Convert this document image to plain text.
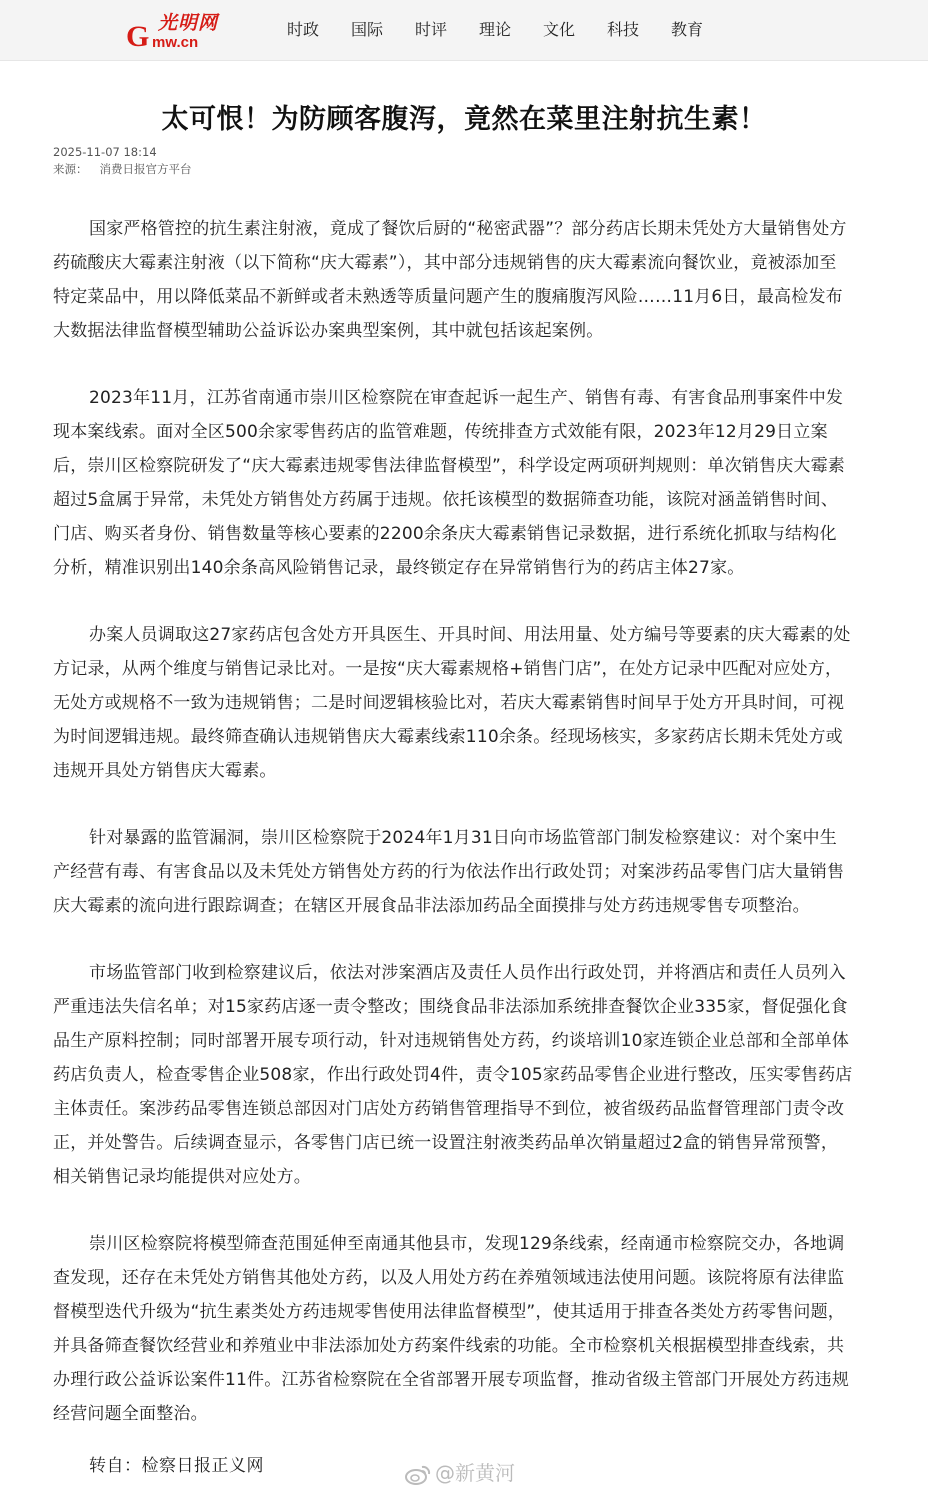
光明网
G mw.cn
时政 国际 时评 理论 文化 科技 教育
太可恨！为防顾客腹泻，竟然在菜里注射抗生素！
2025-11-07 18:14
来源： 消费日报官方平台

国家严格管控的抗生素注射液，竟成了餐饮后厨的“秘密武器”？部分药店长期未凭处方大量销售处方药硫酸庆大霉素注射液（以下简称“庆大霉素”），其中部分违规销售的庆大霉素流向餐饮业，竟被添加至特定菜品中，用以降低菜品不新鲜或者未熟透等质量问题产生的腹痛腹泻风险……11月6日，最高检发布大数据法律监督模型辅助公益诉讼办案典型案例，其中就包括该起案例。

2023年11月，江苏省南通市崇川区检察院在审查起诉一起生产、销售有毒、有害食品刑事案件中发现本案线索。面对全区500余家零售药店的监管难题，传统排查方式效能有限，2023年12月29日立案后，崇川区检察院研发了“庆大霉素违规零售法律监督模型”，科学设定两项研判规则：单次销售庆大霉素超过5盒属于异常，未凭处方销售处方药属于违规。依托该模型的数据筛查功能，该院对涵盖销售时间、门店、购买者身份、销售数量等核心要素的2200余条庆大霉素销售记录数据，进行系统化抓取与结构化分析，精准识别出140余条高风险销售记录，最终锁定存在异常销售行为的药店主体27家。

办案人员调取这27家药店包含处方开具医生、开具时间、用法用量、处方编号等要素的庆大霉素的处方记录，从两个维度与销售记录比对。一是按“庆大霉素规格+销售门店”，在处方记录中匹配对应处方，无处方或规格不一致为违规销售；二是时间逻辑核验比对，若庆大霉素销售时间早于处方开具时间，可视为时间逻辑违规。最终筛查确认违规销售庆大霉素线索110余条。经现场核实，多家药店长期未凭处方或违规开具处方销售庆大霉素。

针对暴露的监管漏洞，崇川区检察院于2024年1月31日向市场监管部门制发检察建议：对个案中生产经营有毒、有害食品以及未凭处方销售处方药的行为依法作出行政处罚；对案涉药品零售门店大量销售庆大霉素的流向进行跟踪调查；在辖区开展食品非法添加药品全面摸排与处方药违规零售专项整治。

市场监管部门收到检察建议后，依法对涉案酒店及责任人员作出行政处罚，并将酒店和责任人员列入严重违法失信名单；对15家药店逐一责令整改；围绕食品非法添加系统排查餐饮企业335家，督促强化食品生产原料控制；同时部署开展专项行动，针对违规销售处方药，约谈培训10家连锁企业总部和全部单体药店负责人，检查零售企业508家，作出行政处罚4件，责令105家药品零售企业进行整改，压实零售药店主体责任。案涉药品零售连锁总部因对门店处方药销售管理指导不到位，被省级药品监督管理部门责令改正，并处警告。后续调查显示，各零售门店已统一设置注射液类药品单次销量超过2盒的销售异常预警，相关销售记录均能提供对应处方。

崇川区检察院将模型筛查范围延伸至南通其他县市，发现129条线索，经南通市检察院交办，各地调查发现，还存在未凭处方销售其他处方药，以及人用处方药在养殖领域违法使用问题。该院将原有法律监督模型迭代升级为“抗生素类处方药违规零售使用法律监督模型”，使其适用于排查各类处方药零售问题，并具备筛查餐饮经营业和养殖业中非法添加处方药案件线索的功能。全市检察机关根据模型排查线索，共办理行政公益诉讼案件11件。江苏省检察院在全省部署开展专项监督，推动省级主管部门开展处方药违规经营问题全面整治。

转自：检察日报正义网	@新黄河
